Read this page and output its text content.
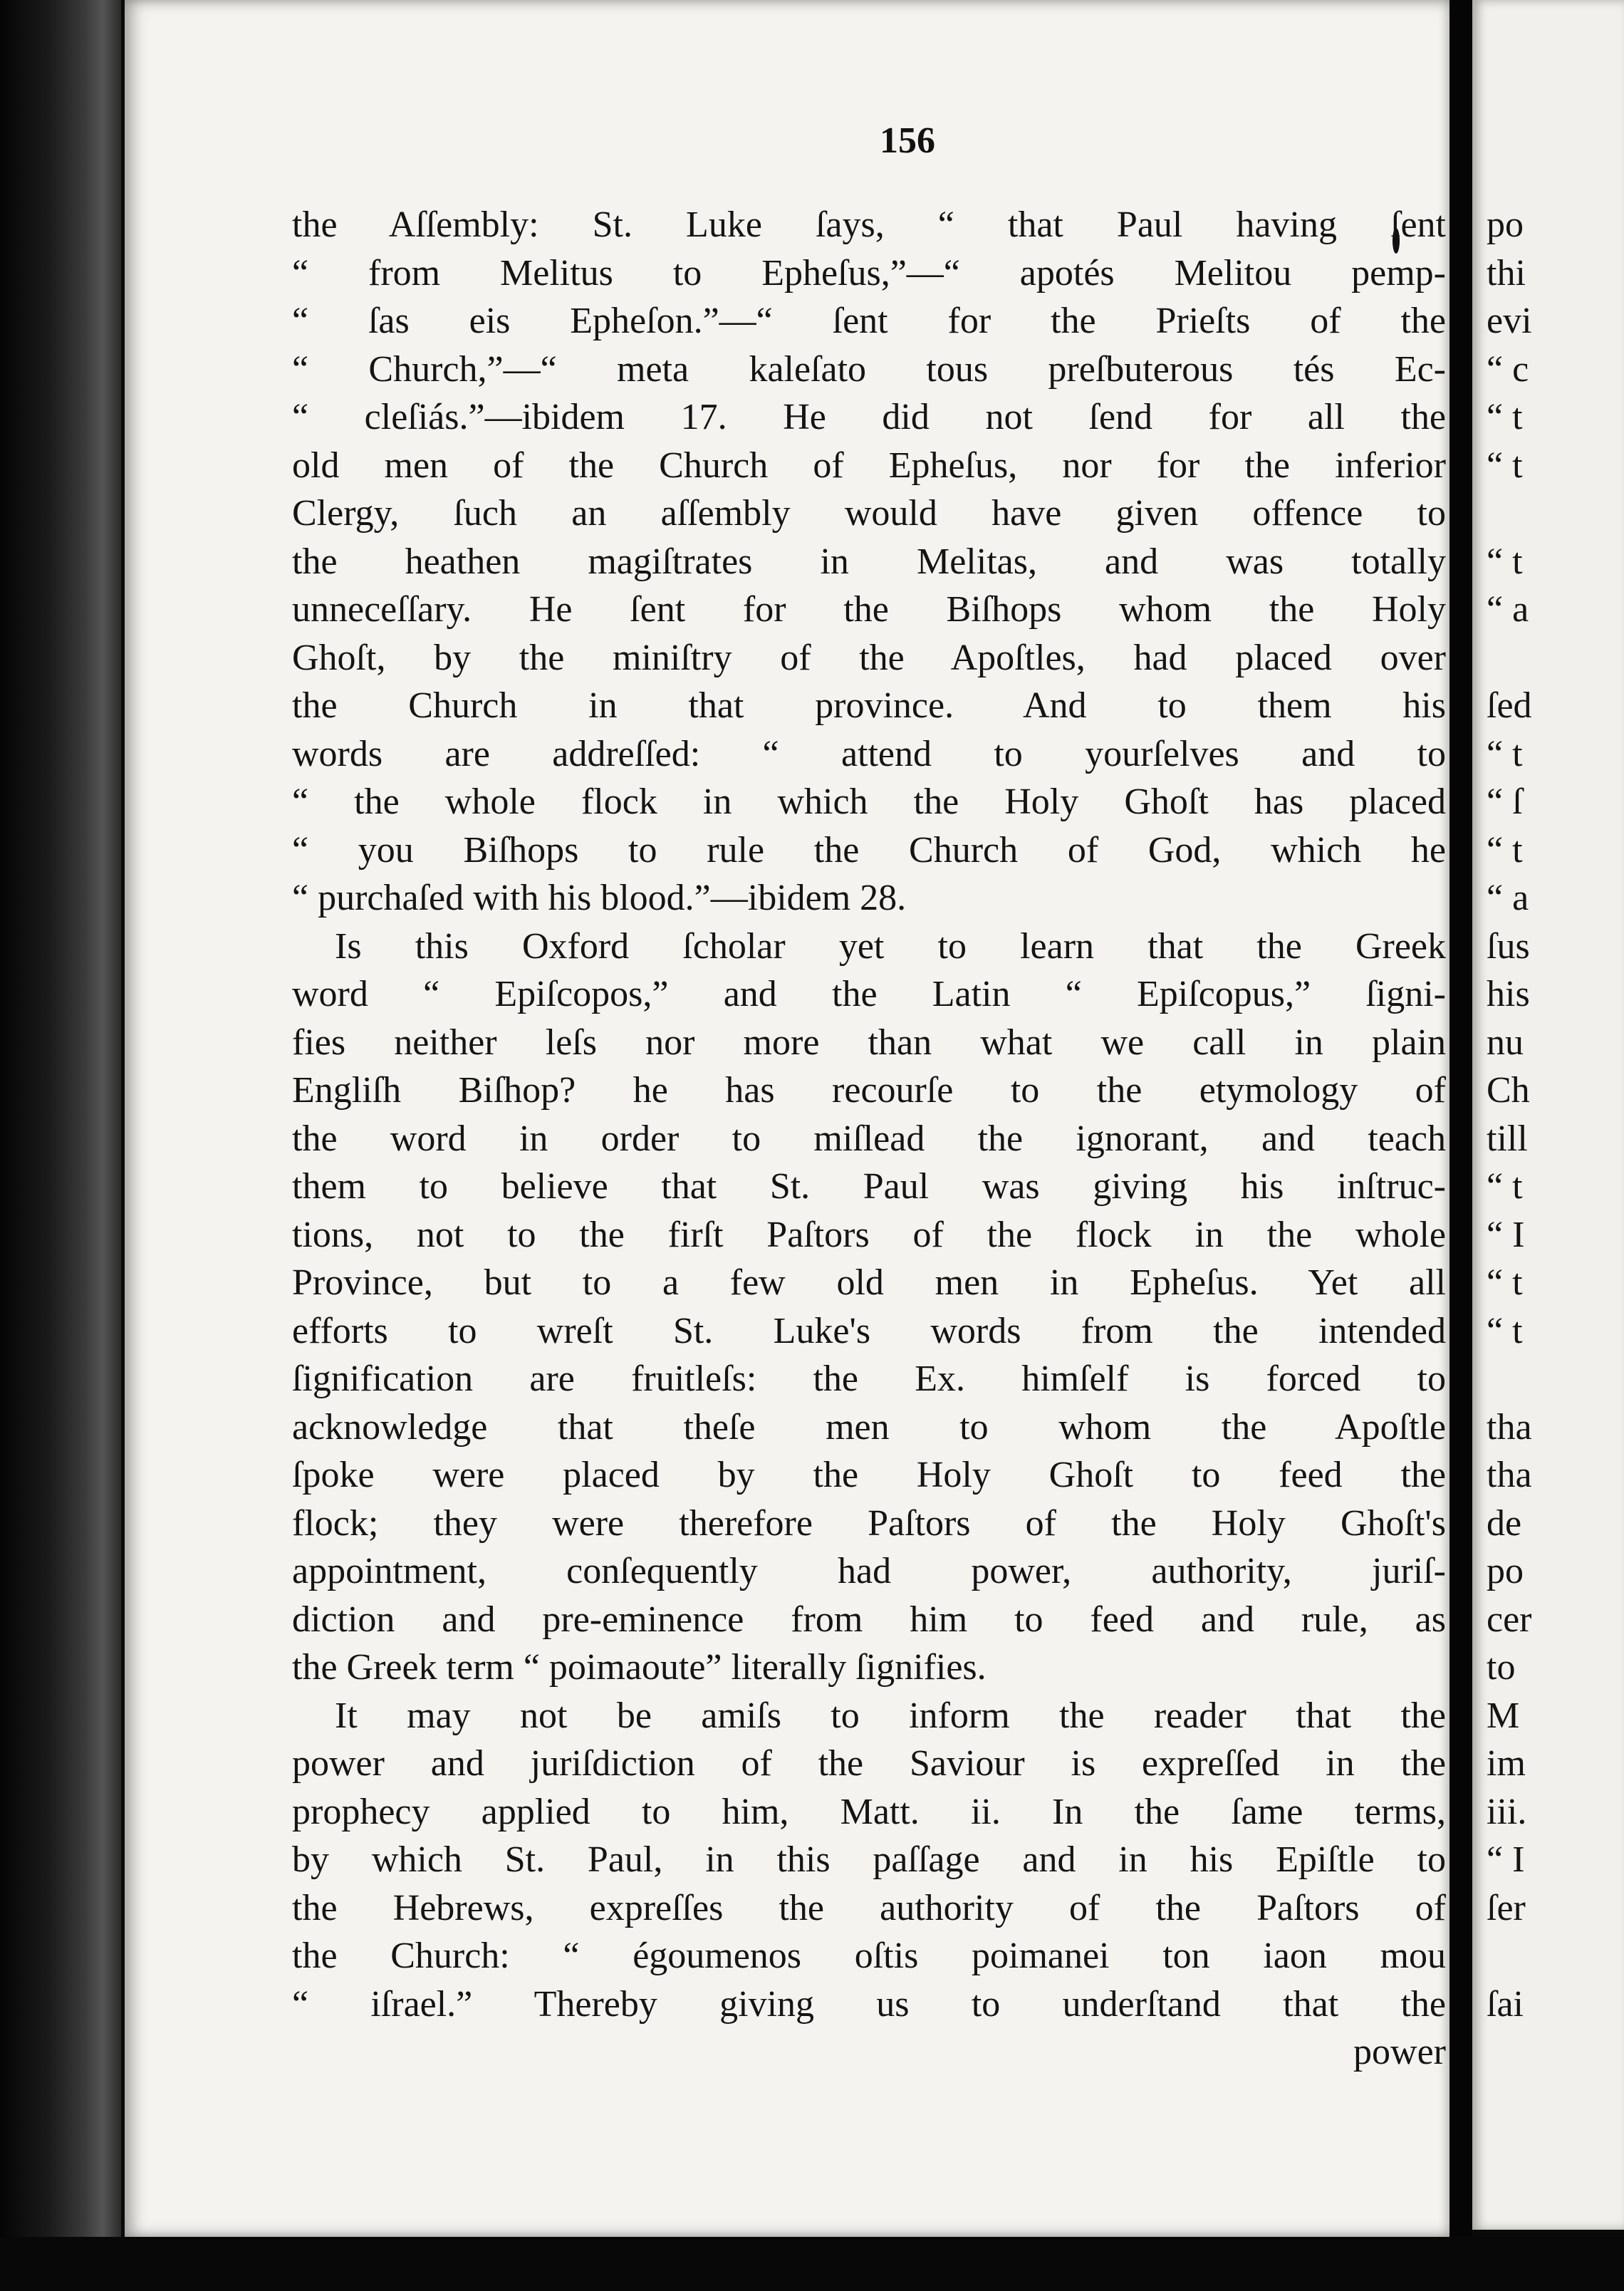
156
the Aſſembly: St. Luke ſays, “ that Paul having ſent
“ from Melitus to Epheſus,”—“ apotés Melitou pemp-
“ ſas eis Epheſon.”—“ ſent for the Prieſts of the
“ Church,”—“ meta kaleſato tous preſbuterous tés Ec-
“ cleſiás.”—ibidem 17. He did not ſend for all the
old men of the Church of Epheſus, nor for the inferior
Clergy, ſuch an aſſembly would have given offence to
the heathen magiſtrates in Melitas, and was totally
unneceſſary. He ſent for the Biſhops whom the Holy
Ghoſt, by the miniſtry of the Apoſtles, had placed over
the Church in that province. And to them his
words are addreſſed: “ attend to yourſelves and to
“ the whole flock in which the Holy Ghoſt has placed
“ you Biſhops to rule the Church of God, which he
“ purchaſed with his blood.”—ibidem 28.
Is this Oxford ſcholar yet to learn that the Greek
word “ Epiſcopos,” and the Latin “ Epiſcopus,” ſigni-
fies neither leſs nor more than what we call in plain
Engliſh Biſhop? he has recourſe to the etymology of
the word in order to miſlead the ignorant, and teach
them to believe that St. Paul was giving his inſtruc-
tions, not to the firſt Paſtors of the flock in the whole
Province, but to a few old men in Epheſus. Yet all
efforts to wreſt St. Luke's words from the intended
ſignification are fruitleſs: the Ex. himſelf is forced to
acknowledge that theſe men to whom the Apoſtle
ſpoke were placed by the Holy Ghoſt to feed the
flock; they were therefore Paſtors of the Holy Ghoſt's
appointment, conſequently had power, authority, juriſ-
diction and pre-eminence from him to feed and rule, as
the Greek term “ poimaoute” literally ſignifies.
It may not be amiſs to inform the reader that the
power and juriſdiction of the Saviour is expreſſed in the
prophecy applied to him, Matt. ii. In the ſame terms,
by which St. Paul, in this paſſage and in his Epiſtle to
the Hebrews, expreſſes the authority of the Paſtors of
the Church: “ égoumenos oſtis poimanei ton iaon mou
“ iſrael.” Thereby giving us to underſtand that the
power
po
thi
evi
“ c
“ t
“ t
“ t
“ a
ſed
“ t
“ ſ
“ t
“ a
ſus
his
nu
Ch
till
“ t
“ I
“ t
“ t
tha
tha
de
po
cer
to
M
im
iii.
“ I
ſer
ſai
